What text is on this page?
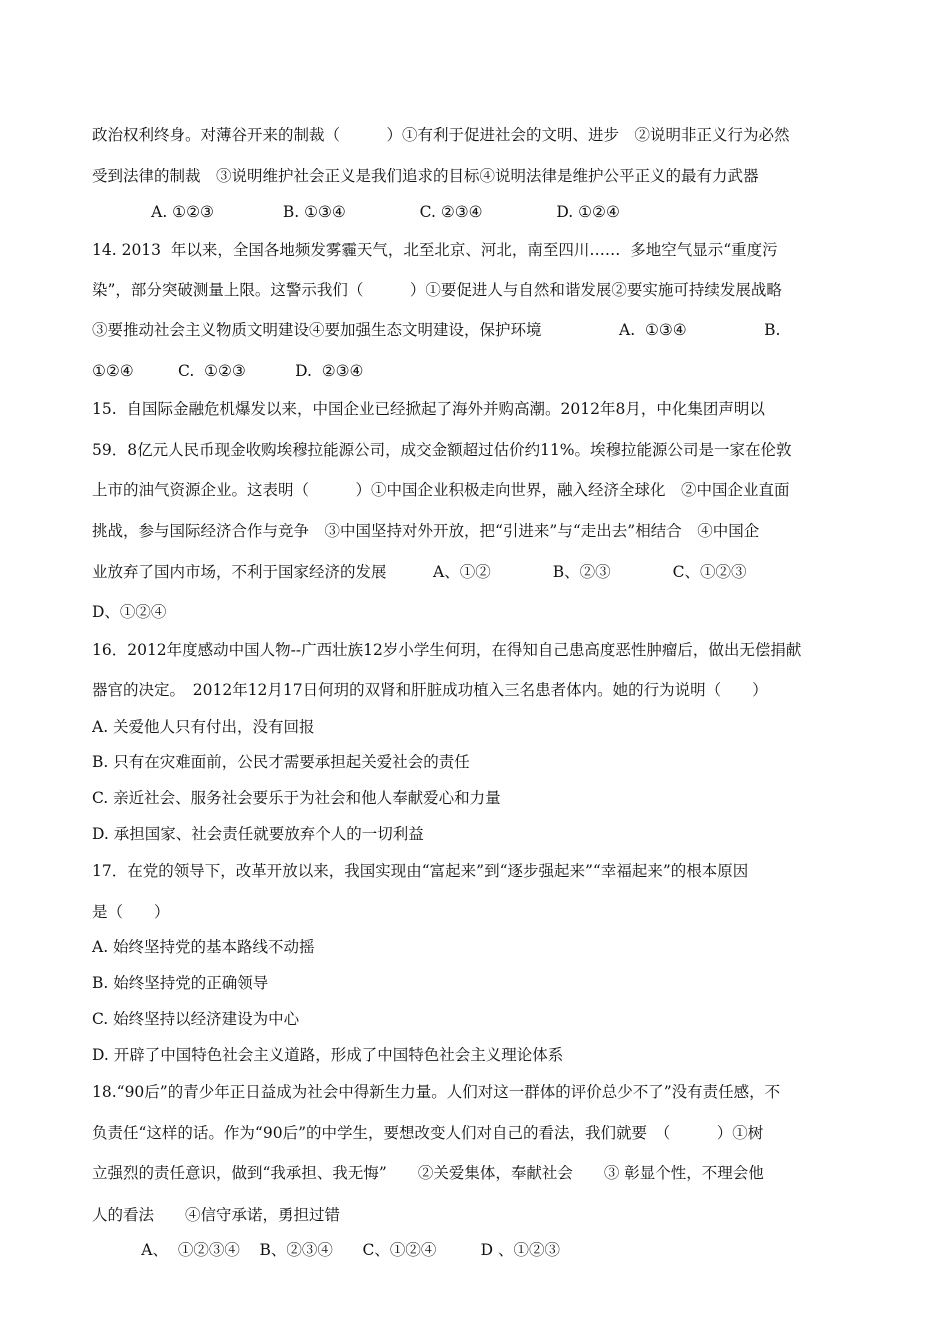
政治权利终身。对薄谷开来的制裁（　　　）①有利于促进社会的文明、进步　②说明非正义行为必然
受到法律的制裁　③说明维护社会正义是我们追求的目标④说明法律是维护公平正义的最有力武器
A. ①②③              B. ①③④               C. ②③④               D. ①②④
14. 2013  年以来，全国各地频发雾霾天气，北至北京、河北，南至四川……  多地空气显示“重度污
染”，部分突破测量上限。这警示我们（　　　）①要促进人与自然和谐发展②要实施可持续发展战略
③要推动社会主义物质文明建设④要加强生态文明建设，保护环境　　　　　A.  ①③④　　　　　B.
①②④         C.  ①②③          D.  ②③④
15.  自国际金融危机爆发以来，中国企业已经掀起了海外并购高潮。2012年8月，中化集团声明以
59．8亿元人民币现金收购埃穆拉能源公司，成交金额超过估价约11%。埃穆拉能源公司是一家在伦敦
上市的油气资源企业。这表明（　　　）①中国企业积极走向世界，融入经济全球化　②中国企业直面
挑战，参与国际经济合作与竞争　③中国坚持对外开放，把“引进来”与“走出去”相结合　④中国企
业放弃了国内市场，不利于国家经济的发展　　　A、①②　　　　B、②③　　　　C、①②③
D、①②④
16．2012年度感动中国人物--广西壮族12岁小学生何玥，在得知自己患高度恶性肿瘤后，做出无偿捐献
器官的决定。　2012年12月17日何玥的双肾和肝脏成功植入三名患者体内。她的行为说明（　　）
A. 关爱他人只有付出，没有回报
B. 只有在灾难面前，公民才需要承担起关爱社会的责任
C. 亲近社会、服务社会要乐于为社会和他人奉献爱心和力量
D. 承担国家、社会责任就要放弃个人的一切利益
17．在党的领导下，改革开放以来，我国实现由“富起来”到“逐步强起来”“幸福起来”的根本原因
是（　　）
A. 始终坚持党的基本路线不动摇
B. 始终坚持党的正确领导
C. 始终坚持以经济建设为中心
D. 开辟了中国特色社会主义道路，形成了中国特色社会主义理论体系
18.“90后”的青少年正日益成为社会中得新生力量。人们对这一群体的评价总少不了”没有责任感，不
负责任“这样的话。作为“90后”的中学生，要想改变人们对自己的看法，我们就要　（　　　）①树
立强烈的责任意识，做到“我承担、我无悔”　　②关爱集体，奉献社会　　③ 彰显个性，不理会他
人的看法　　④信守承诺，勇担过错
A、  ①②③④    B、②③④      C、①②④         D 、①②③
